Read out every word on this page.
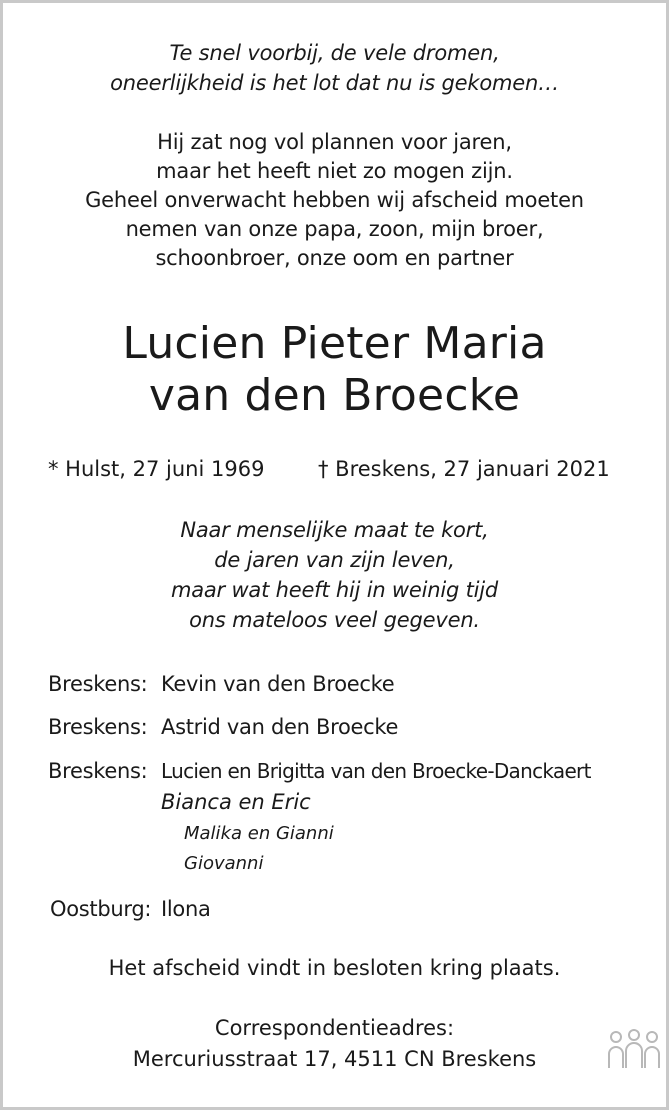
Te snel voorbij, de vele dromen,
oneerlijkheid is het lot dat nu is gekomen…
Hij zat nog vol plannen voor jaren,
maar het heeft niet zo mogen zijn.
Geheel onverwacht hebben wij afscheid moeten
nemen van onze papa, zoon, mijn broer,
schoonbroer, onze oom en partner
Lucien Pieter Maria
van den Broecke
* Hulst, 27 juni 1969	† Breskens, 27 januari 2021
Naar menselijke maat te kort,
de jaren van zijn leven,
maar wat heeft hij in weinig tijd
ons mateloos veel gegeven.
Breskens: Kevin van den Broecke
Breskens: Astrid van den Broecke
Breskens: Lucien en Brigitta van den Broecke-Danckaert
Bianca en Eric
Malika en Gianni
Giovanni
Oostburg: Ilona
Het afscheid vindt in besloten kring plaats.
Correspondentieadres:
Mercuriusstraat 17, 4511 CN Breskens
